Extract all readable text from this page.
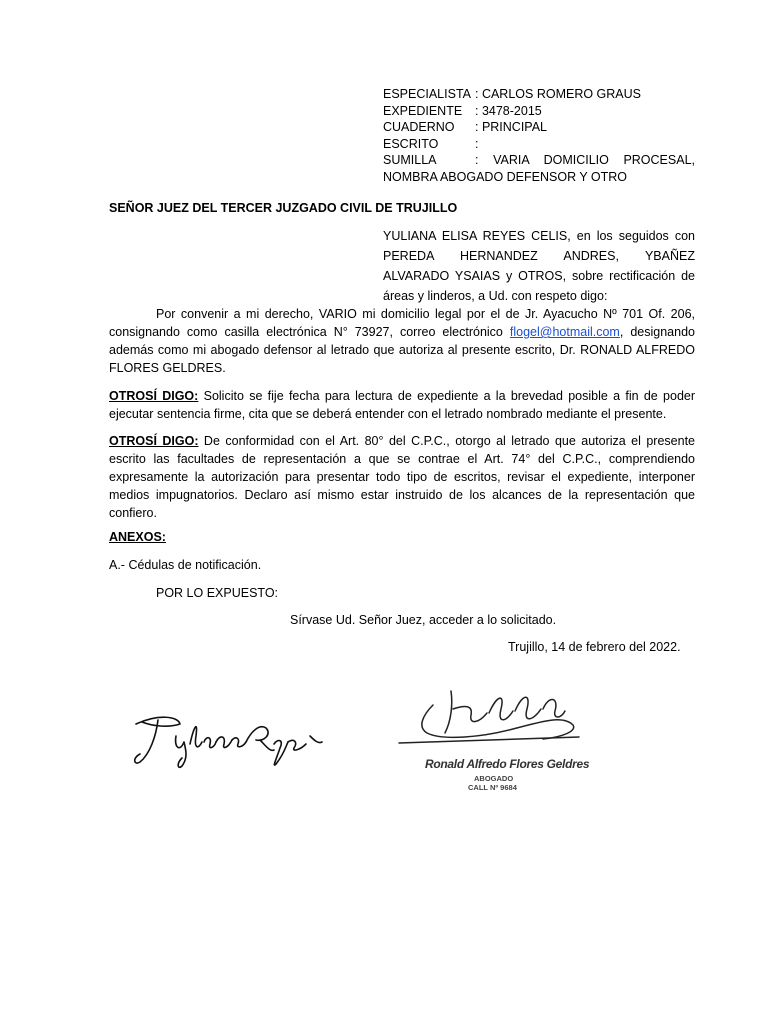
ESPECIALISTA : CARLOS ROMERO GRAUS
EXPEDIENTE	: 3478-2015
CUADERNO	: PRINCIPAL
ESCRITO	:
SUMILLA	: VARIA DOMICILIO PROCESAL,
NOMBRA ABOGADO DEFENSOR Y OTRO
SEÑOR JUEZ DEL TERCER JUZGADO CIVIL DE TRUJILLO
YULIANA ELISA REYES CELIS, en los seguidos con PEREDA HERNANDEZ ANDRES, YBAÑEZ ALVARADO YSAIAS y OTROS, sobre rectificación de áreas y linderos, a Ud. con respeto digo:
Por convenir a mi derecho, VARIO mi domicilio legal por el de Jr. Ayacucho Nº 701 Of. 206, consignando como casilla electrónica N° 73927, correo electrónico flogel@hotmail.com, designando además como mi abogado defensor al letrado que autoriza al presente escrito, Dr. RONALD ALFREDO FLORES GELDRES.
OTROSÍ DIGO: Solicito se fije fecha para lectura de expediente a la brevedad posible a fin de poder ejecutar sentencia firme, cita que se deberá entender con el letrado nombrado mediante el presente.
OTROSÍ DIGO: De conformidad con el Art. 80° del C.P.C., otorgo al letrado que autoriza el presente escrito las facultades de representación a que se contrae el Art. 74° del C.P.C., comprendiendo expresamente la autorización para presentar todo tipo de escritos, revisar el expediente, interponer medios impugnatorios. Declaro así mismo estar instruido de los alcances de la representación que confiero.
ANEXOS:
A.- Cédulas de notificación.
POR LO EXPUESTO:
Sírvase Ud. Señor Juez, acceder a lo solicitado.
Trujillo, 14 de febrero del 2022.
Ronald Alfredo Flores Geldres
ABOGADO
CALL Nº 9684
